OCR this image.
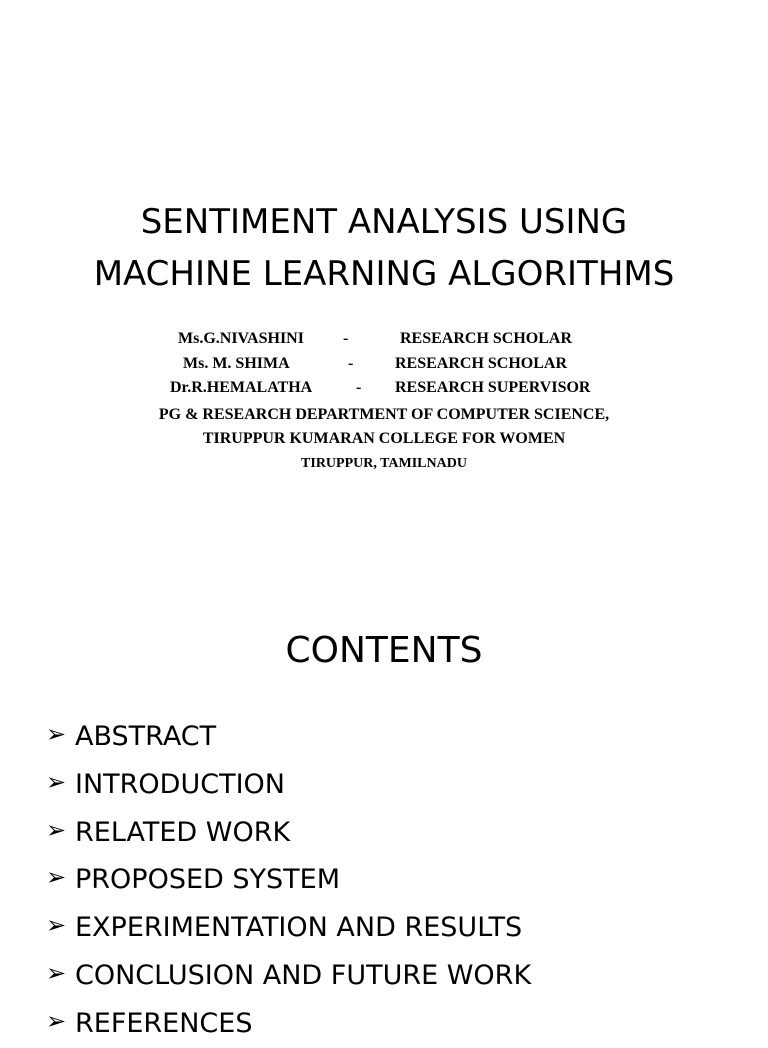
SENTIMENT ANALYSIS USING
MACHINE LEARNING ALGORITHMS
Ms.G.NIVASHINI -	RESEARCH SCHOLAR
Ms. M. SHIMA	-	RESEARCH SCHOLAR
Dr.R.HEMALATHA	- RESEARCH SUPERVISOR
PG & RESEARCH DEPARTMENT OF COMPUTER SCIENCE,
TIRUPPUR KUMARAN COLLEGE FOR WOMEN
TIRUPPUR, TAMILNADU
CONTENTS
➢ ABSTRACT
➢ INTRODUCTION
➢ RELATED WORK
➢ PROPOSED SYSTEM
➢ EXPERIMENTATION AND RESULTS
➢ CONCLUSION AND FUTURE WORK
➢ REFERENCES
